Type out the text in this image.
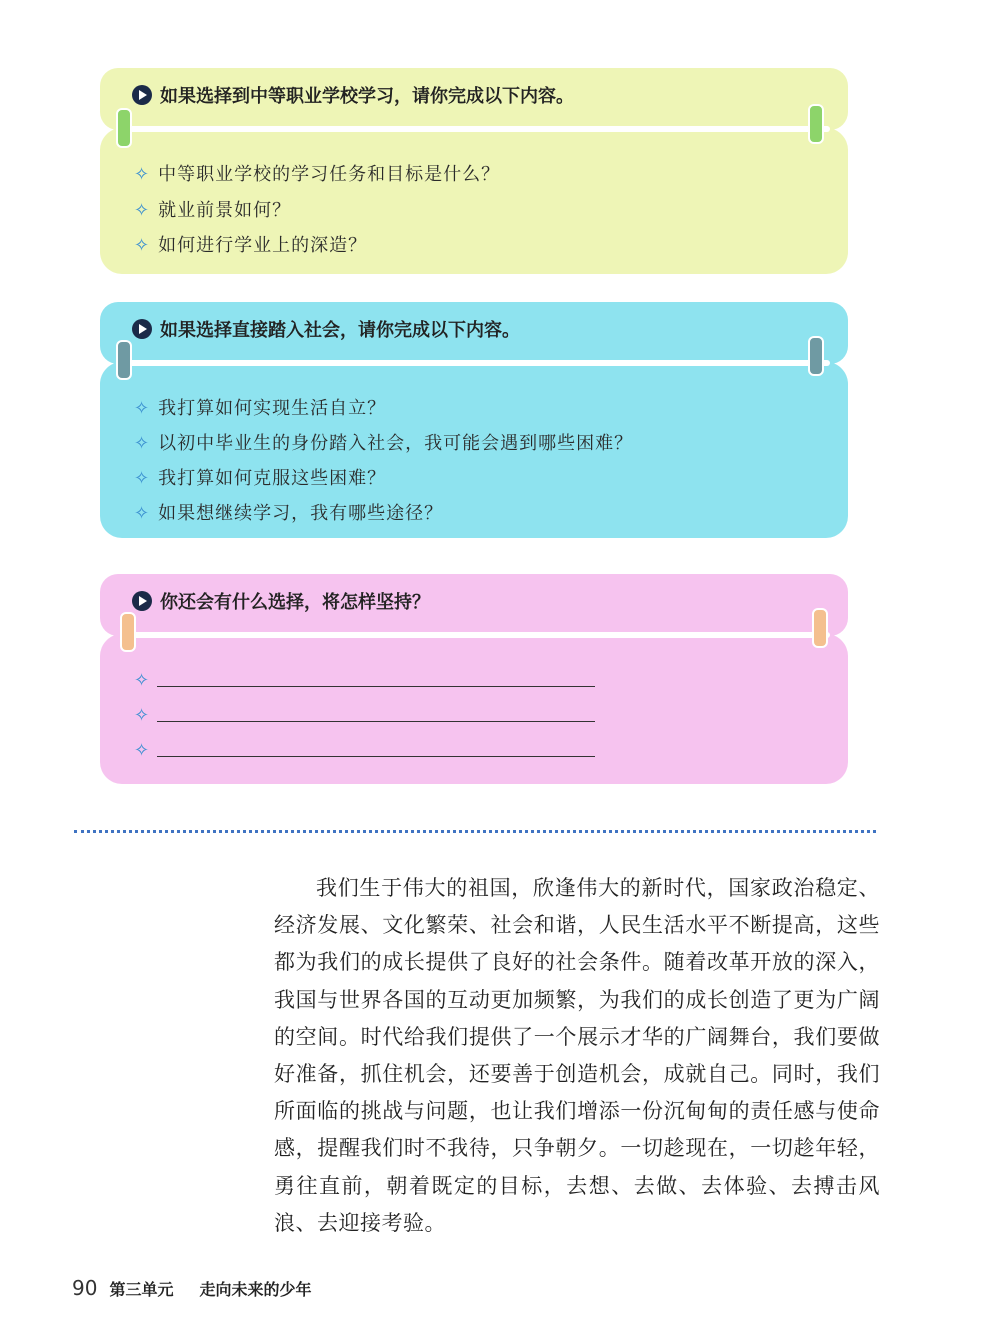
如果选择到中等职业学校学习，请你完成以下内容。
✧ 中等职业学校的学习任务和目标是什么？
✧ 就业前景如何？
✧ 如何进行学业上的深造？
如果选择直接踏入社会，请你完成以下内容。
✧ 我打算如何实现生活自立？
✧ 以初中毕业生的身份踏入社会，我可能会遇到哪些困难？
✧ 我打算如何克服这些困难？
✧ 如果想继续学习，我有哪些途径？
你还会有什么选择，将怎样坚持？
✧
✧
✧

我们生于伟大的祖国，欣逢伟大的新时代，国家政治稳定、经济发展、文化繁荣、社会和谐，人民生活水平不断提高，这些都为我们的成长提供了良好的社会条件。随着改革开放的深入，我国与世界各国的互动更加频繁，为我们的成长创造了更为广阔的空间。时代给我们提供了一个展示才华的广阔舞台，我们要做好准备，抓住机会，还要善于创造机会，成就自己。同时，我们所面临的挑战与问题，也让我们增添一份沉甸甸的责任感与使命感，提醒我们时不我待，只争朝夕。一切趁现在，一切趁年轻，勇往直前，朝着既定的目标，去想、去做、去体验、去搏击风浪、去迎接考验。

90 第三单元 走向未来的少年
